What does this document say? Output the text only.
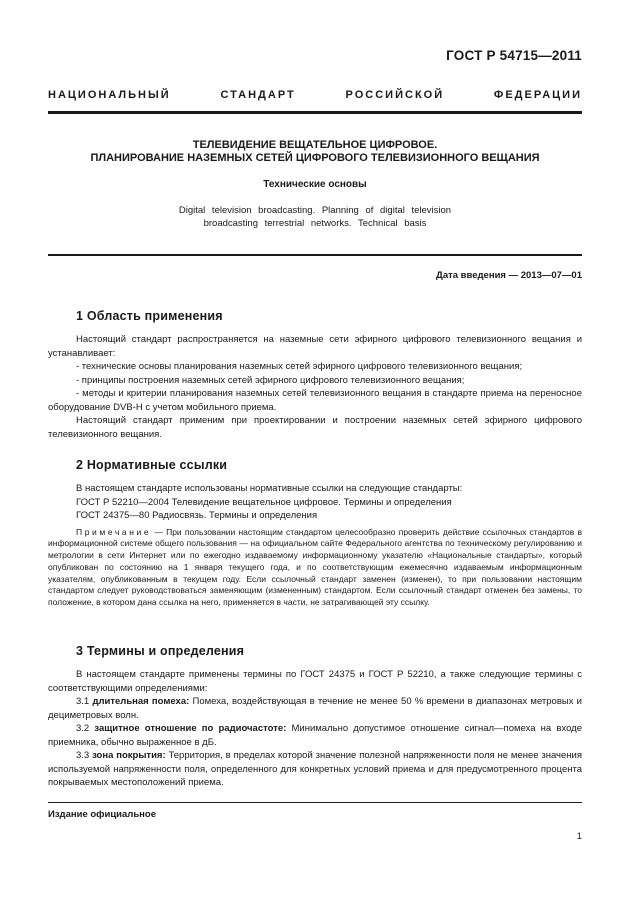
ГОСТ Р 54715—2011
НАЦИОНАЛЬНЫЙ СТАНДАРТ РОССИЙСКОЙ ФЕДЕРАЦИИ
ТЕЛЕВИДЕНИЕ ВЕЩАТЕЛЬНОЕ ЦИФРОВОЕ.
ПЛАНИРОВАНИЕ НАЗЕМНЫХ СЕТЕЙ ЦИФРОВОГО ТЕЛЕВИЗИОННОГО ВЕЩАНИЯ
Технические основы
Digital television broadcasting. Planning of digital television
broadcasting terrestrial networks. Technical basis
Дата введения — 2013—07—01
1 Область применения

Настоящий стандарт распространяется на наземные сети эфирного цифрового телевизионного вещания и устанавливает:

- технические основы планирования наземных сетей эфирного цифрового телевизионного вещания;

- принципы построения наземных сетей эфирного цифрового телевизионного вещания;

- методы и критерии планирования наземных сетей телевизионного вещания в стандарте приема на переносное оборудование DVB-H с учетом мобильного приема.

Настоящий стандарт применим при проектировании и построении наземных сетей эфирного цифрового телевизионного вещания.

2 Нормативные ссылки

В настоящем стандарте использованы нормативные ссылки на следующие стандарты:

ГОСТ Р 52210—2004 Телевидение вещательное цифровое. Термины и определения

ГОСТ 24375—80 Радиосвязь. Термины и определения

Примечание — При пользовании настоящим стандартом целесообразно проверить действие ссылочных стандартов в информационной системе общего пользования — на официальном сайте Федерального агентства по техническому регулированию и метрологии в сети Интернет или по ежегодно издаваемому информационному указателю «Национальные стандарты», который опубликован по состоянию на 1 января текущего года, и по соответствующим ежемесячно издаваемым информационным указателям, опубликованным в текущем году. Если ссылочный стандарт заменен (изменен), то при пользовании настоящим стандартом следует руководствоваться заменяющим (измененным) стандартом. Если ссылочный стандарт отменен без замены, то положение, в котором дана ссылка на него, применяется в части, не затрагивающей эту ссылку.
3 Термины и определения

В настоящем стандарте применены термины по ГОСТ 24375 и ГОСТ Р 52210, а также следующие термины с соответствующими определениями:

3.1 длительная помеха: Помеха, воздействующая в течение не менее 50 % времени в диапазонах метровых и дециметровых волн.

3.2 защитное отношение по радиочастоте: Минимально допустимое отношение сигнал—помеха на входе приемника, обычно выраженное в дБ.

3.3 зона покрытия: Территория, в пределах которой значение полезной напряженности поля не менее значения используемой напряженности поля, определенного для конкретных условий приема и для предусмотренного процента покрываемых местоположений приема.

Издание официальное
1
